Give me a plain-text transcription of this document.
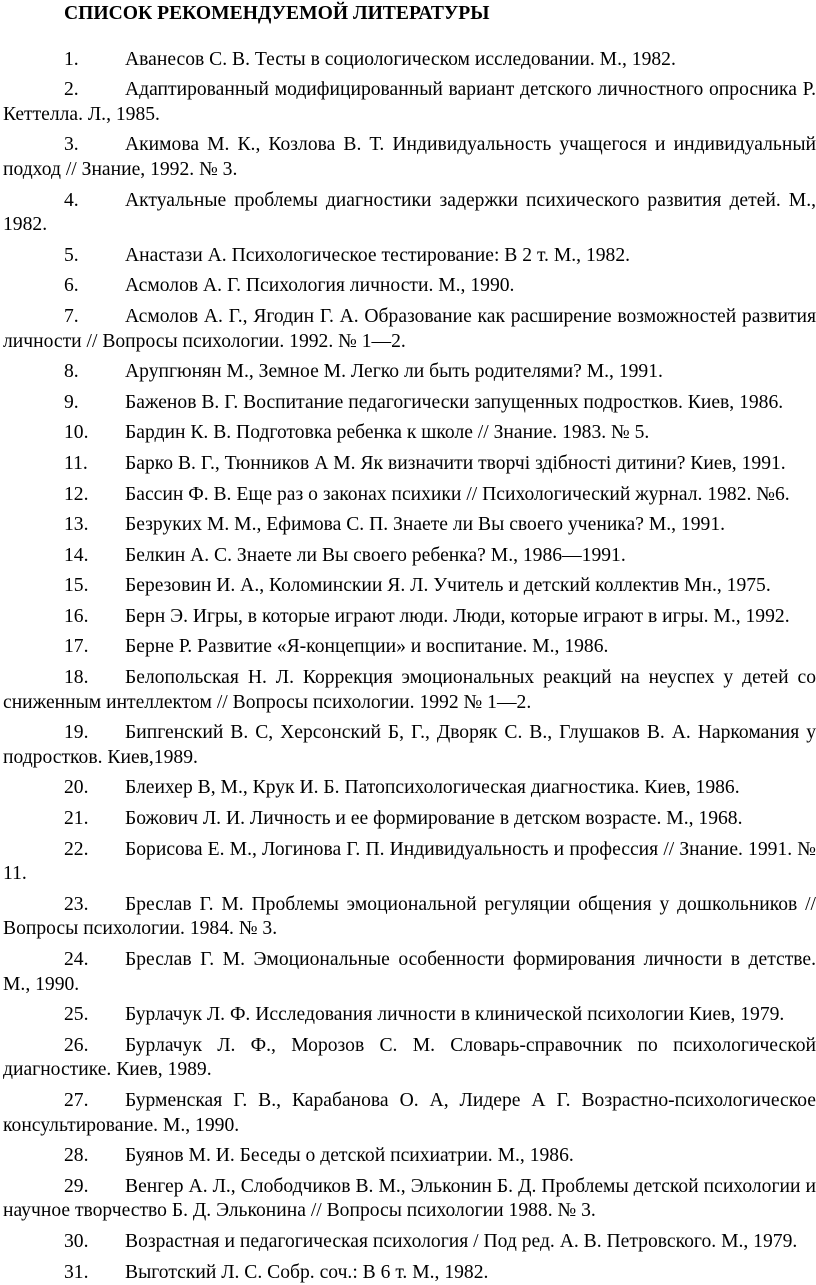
СПИСОК РЕКОМЕНДУЕМОЙ ЛИТЕРАТУРЫ
1. Аванесов С. В. Тесты в социологическом исследовании. М., 1982.
2. Адаптированный модифицированный вариант детского личностного опросника Р. Кеттелла. Л., 1985.
3. Акимова М. К., Козлова В. Т. Индивидуальность учащегося и индивидуальный подход // Знание, 1992. № 3.
4. Актуальные проблемы диагностики задержки психического развития детей. М., 1982.
5. Анастази А. Психологическое тестирование: В 2 т. М., 1982.
6. Асмолов А. Г. Психология личности. М., 1990.
7. Асмолов А. Г., Ягодин Г. А. Образование как расширение возможностей развития личности // Вопросы психологии. 1992. № 1—2.
8. Арупгюнян М., Земное М. Легко ли быть родителями? М., 1991.
9. Баженов В. Г. Воспитание педагогически запущенных подростков. Киев, 1986.
10. Бардин К. В. Подготовка ребенка к школе // Знание. 1983. № 5.
11. Барко В. Г., Тюнников А М. Як визначити творчі здібності дитини? Киев, 1991.
12. Бассин Ф. В. Еще раз о законах психики // Психологический журнал. 1982. №6.
13. Безруких М. М., Ефимова С. П. Знаете ли Вы своего ученика? М., 1991.
14. Белкин А. С. Знаете ли Вы своего ребенка? М., 1986—1991.
15. Березовин И. А., Коломинскии Я. Л. Учитель и детский коллектив Мн., 1975.
16. Берн Э. Игры, в которые играют люди. Люди, которые играют в игры. М., 1992.
17. Берне Р. Развитие «Я-концепции» и воспитание. М., 1986.
18. Белопольская Н. Л. Коррекция эмоциональных реакций на неуспех у детей со сниженным интеллектом // Вопросы психологии. 1992 № 1—2.
19. Бипгенский В. С, Херсонский Б, Г., Дворяк С. В., Глушаков В. А. Наркомания у подростков. Киев,1989.
20. Блеихер В, М., Крук И. Б. Патопсихологическая диагностика. Киев, 1986.
21. Божович Л. И. Личность и ее формирование в детском возрасте. М., 1968.
22. Борисова Е. М., Логинова Г. П. Индивидуальность и профессия // Знание. 1991. № 11.
23. Бреслав Г. М. Проблемы эмоциональной регуляции общения у дошкольников // Вопросы психологии. 1984. № 3.
24. Бреслав Г. М. Эмоциональные особенности формирования личности в детстве. М., 1990.
25. Бурлачук Л. Ф. Исследования личности в клинической психологии Киев, 1979.
26. Бурлачук Л. Ф., Морозов С. М. Словарь-справочник по психологической диагностике. Киев, 1989.
27. Бурменская Г. В., Карабанова О. А, Лидере А Г. Возрастно-психологическое консультирование. М., 1990.
28. Буянов М. И. Беседы о детской психиатрии. М., 1986.
29. Венгер А. Л., Слободчиков В. М., Эльконин Б. Д. Проблемы детской психологии и научное творчество Б. Д. Эльконина // Вопросы психологии 1988. № 3.
30. Возрастная и педагогическая психология / Под ред. А. В. Петровского. М., 1979.
31. Выготский Л. С. Собр. соч.: В 6 т. М., 1982.
